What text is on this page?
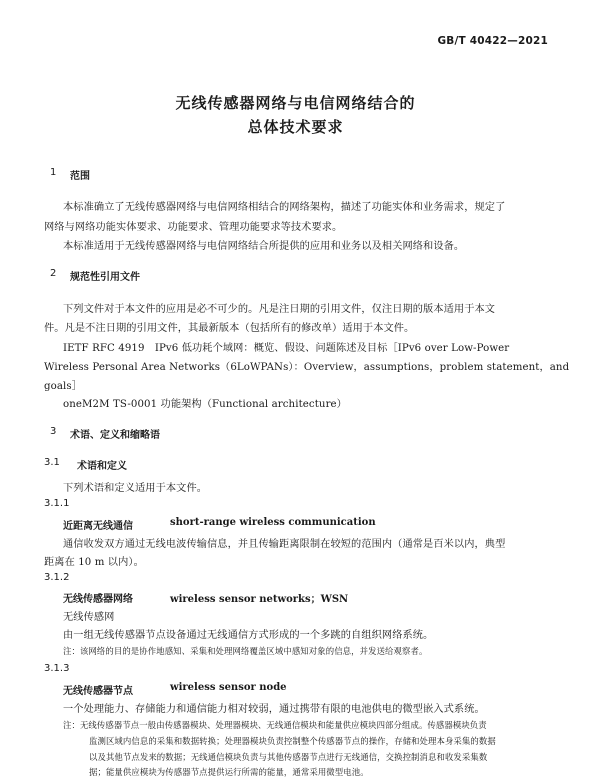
GB/T 40422—2021
无线传感器网络与电信网络结合的
总体技术要求
1 范围
本标准确立了无线传感器网络与电信网络相结合的网络架构，描述了功能实体和业务需求，规定了
网络与网络功能实体要求、功能要求、管理功能要求等技术要求。
本标准适用于无线传感器网络与电信网络结合所提供的应用和业务以及相关网络和设备。
2 规范性引用文件
下列文件对于本文件的应用是必不可少的。凡是注日期的引用文件，仅注日期的版本适用于本文
件。凡是不注日期的引用文件，其最新版本（包括所有的修改单）适用于本文件。
IETF RFC 4919　IPv6 低功耗个域网：概览、假设、问题陈述及目标［IPv6 over Low-Power
Wireless Personal Area Networks（6LoWPANs）：Overview，assumptions，problem statement，and
goals］
oneM2M TS-0001 功能架构（Functional architecture）
3 术语、定义和缩略语
3.1 术语和定义
下列术语和定义适用于本文件。
3.1.1
近距离无线通信	short-range wireless communication
通信收发双方通过无线电波传输信息，并且传输距离限制在较短的范围内（通常是百米以内，典型
距离在 10 m 以内）。
3.1.2
无线传感器网络	wireless sensor networks；WSN
无线传感网
由一组无线传感器节点设备通过无线通信方式形成的一个多跳的自组织网络系统。
注：该网络的目的是协作地感知、采集和处理网络覆盖区域中感知对象的信息，并发送给观察者。
3.1.3
无线传感器节点	wireless sensor node
一个处理能力、存储能力和通信能力相对较弱，通过携带有限的电池供电的微型嵌入式系统。
注：无线传感器节点一般由传感器模块、处理器模块、无线通信模块和能量供应模块四部分组成。传感器模块负责
监测区域内信息的采集和数据转换；处理器模块负责控制整个传感器节点的操作，存储和处理本身采集的数据
以及其他节点发来的数据；无线通信模块负责与其他传感器节点进行无线通信，交换控制消息和收发采集数
据；能量供应模块为传感器节点提供运行所需的能量，通常采用微型电池。
